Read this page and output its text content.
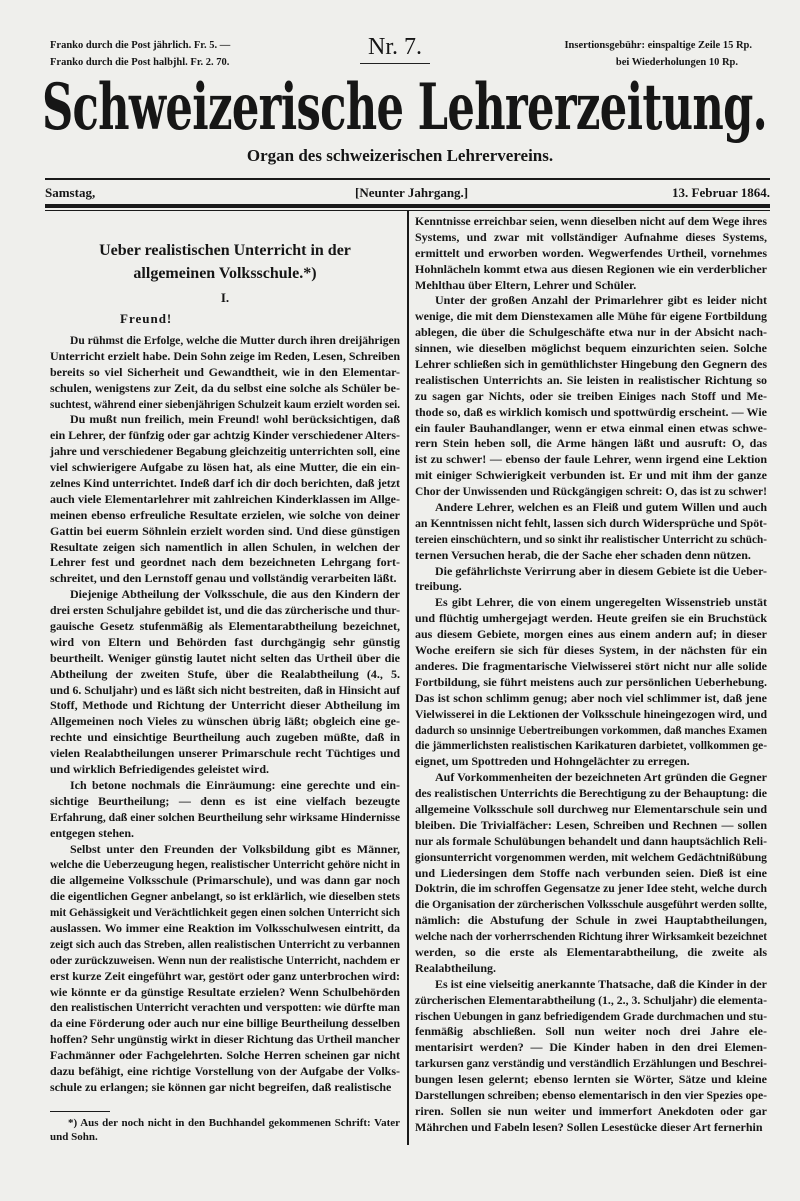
Franko durch die Post jährlich. Fr. 5. —
Franko durch die Post halbjhl. Fr. 2. 70.
Nr. 7.	Insertionsgebühr: einspaltige Zeile 15 Rp.
bei Wiederholungen 10 Rp.
Schweizerische Lehrerzeitung.
Organ des schweizerischen Lehrervereins.
Samstag,	[Neunter Jahrgang.]	13. Februar 1864.
Ueber realistischen Unterricht in der
allgemeinen Volksschule.*)
I.
Freund!
Du rühmst die Erfolge, welche die Mutter durch ihren dreijährigen
Unterricht erzielt habe. Dein Sohn zeige im Reden, Lesen, Schreiben
bereits so viel Sicherheit und Gewandtheit, wie in den Elementar-
schulen, wenigstens zur Zeit, da du selbst eine solche als Schüler be-
suchtest, während einer siebenjährigen Schulzeit kaum erzielt worden sei.
Du mußt nun freilich, mein Freund! wohl berücksichtigen, daß
ein Lehrer, der fünfzig oder gar achtzig Kinder verschiedener Alters-
jahre und verschiedener Begabung gleichzeitig unterrichten soll, eine
viel schwierigere Aufgabe zu lösen hat, als eine Mutter, die ein ein-
zelnes Kind unterrichtet. Indeß darf ich dir doch berichten, daß jetzt
auch viele Elementarlehrer mit zahlreichen Kinderklassen im Allge-
meinen ebenso erfreuliche Resultate erzielen, wie solche von deiner
Gattin bei euerm Söhnlein erzielt worden sind. Und diese günstigen
Resultate zeigen sich namentlich in allen Schulen, in welchen der
Lehrer fest und geordnet nach dem bezeichneten Lehrgang fort-
schreitet, und den Lernstoff genau und vollständig verarbeiten läßt.
Diejenige Abtheilung der Volksschule, die aus den Kindern der
drei ersten Schuljahre gebildet ist, und die das zürcherische und thur-
gauische Gesetz stufenmäßig als Elementarabtheilung bezeichnet,
wird von Eltern und Behörden fast durchgängig sehr günstig
beurtheilt. Weniger günstig lautet nicht selten das Urtheil über die
Abtheilung der zweiten Stufe, über die Realabtheilung (4., 5.
und 6. Schuljahr) und es läßt sich nicht bestreiten, daß in Hinsicht auf
Stoff, Methode und Richtung der Unterricht dieser Abtheilung im
Allgemeinen noch Vieles zu wünschen übrig läßt; obgleich eine ge-
rechte und einsichtige Beurtheilung auch zugeben müßte, daß in
vielen Realabtheilungen unserer Primarschule recht Tüchtiges und
und wirklich Befriedigendes geleistet wird.
Ich betone nochmals die Einräumung: eine gerechte und ein-
sichtige Beurtheilung; — denn es ist eine vielfach bezeugte
Erfahrung, daß einer solchen Beurtheilung sehr wirksame Hindernisse
entgegen stehen.
Selbst unter den Freunden der Volksbildung gibt es Männer,
welche die Ueberzeugung hegen, realistischer Unterricht gehöre nicht in
die allgemeine Volksschule (Primarschule), und was dann gar noch
die eigentlichen Gegner anbelangt, so ist erklärlich, wie dieselben stets
mit Gehässigkeit und Verächtlichkeit gegen einen solchen Unterricht sich
auslassen. Wo immer eine Reaktion im Volksschulwesen eintritt, da
zeigt sich auch das Streben, allen realistischen Unterricht zu verbannen
oder zurückzuweisen. Wenn nun der realistische Unterricht, nachdem er
erst kurze Zeit eingeführt war, gestört oder ganz unterbrochen wird:
wie könnte er da günstige Resultate erzielen? Wenn Schulbehörden
den realistischen Unterricht verachten und verspotten: wie dürfte man
da eine Förderung oder auch nur eine billige Beurtheilung desselben
hoffen? Sehr ungünstig wirkt in dieser Richtung das Urtheil mancher
Fachmänner oder Fachgelehrten. Solche Herren scheinen gar nicht
dazu befähigt, eine richtige Vorstellung von der Aufgabe der Volks-
schule zu erlangen; sie können gar nicht begreifen, daß realistische
*) Aus der noch nicht in den Buchhandel gekommenen Schrift: Vater
und Sohn.
Kenntnisse erreichbar seien, wenn dieselben nicht auf dem Wege ihres
Systems, und zwar mit vollständiger Aufnahme dieses Systems,
ermittelt und erworben worden. Wegwerfendes Urtheil, vornehmes
Hohnlächeln kommt etwa aus diesen Regionen wie ein verderblicher
Mehlthau über Eltern, Lehrer und Schüler.
Unter der großen Anzahl der Primarlehrer gibt es leider nicht
wenige, die mit dem Dienstexamen alle Mühe für eigene Fortbildung
ablegen, die über die Schulgeschäfte etwa nur in der Absicht nach-
sinnen, wie dieselben möglichst bequem einzurichten seien. Solche
Lehrer schließen sich in gemüthlichster Hingebung den Gegnern des
realistischen Unterrichts an. Sie leisten in realistischer Richtung so
zu sagen gar Nichts, oder sie treiben Einiges nach Stoff und Me-
thode so, daß es wirklich komisch und spottwürdig erscheint. — Wie
ein fauler Bauhandlanger, wenn er etwa einmal einen etwas schwe-
rern Stein heben soll, die Arme hängen läßt und ausruft: O, das
ist zu schwer! — ebenso der faule Lehrer, wenn irgend eine Lektion
mit einiger Schwierigkeit verbunden ist. Er und mit ihm der ganze
Chor der Unwissenden und Rückgängigen schreit: O, das ist zu schwer!
Andere Lehrer, welchen es an Fleiß und gutem Willen und auch
an Kenntnissen nicht fehlt, lassen sich durch Widersprüche und Spöt-
tereien einschüchtern, und so sinkt ihr realistischer Unterricht zu schüch-
ternen Versuchen herab, die der Sache eher schaden denn nützen.
Die gefährlichste Verirrung aber in diesem Gebiete ist die Ueber-
treibung.
Es gibt Lehrer, die von einem ungeregelten Wissenstrieb unstät
und flüchtig umhergejagt werden. Heute greifen sie ein Bruchstück
aus diesem Gebiete, morgen eines aus einem andern auf; in dieser
Woche ereifern sie sich für dieses System, in der nächsten für ein
anderes. Die fragmentarische Vielwisserei stört nicht nur alle solide
Fortbildung, sie führt meistens auch zur persönlichen Ueberhebung.
Das ist schon schlimm genug; aber noch viel schlimmer ist, daß jene
Vielwisserei in die Lektionen der Volksschule hineingezogen wird, und
dadurch so unsinnige Uebertreibungen vorkommen, daß manches Examen
die jämmerlichsten realistischen Karikaturen darbietet, vollkommen ge-
eignet, um Spottreden und Hohngelächter zu erregen.
Auf Vorkommenheiten der bezeichneten Art gründen die Gegner
des realistischen Unterrichts die Berechtigung zu der Behauptung: die
allgemeine Volksschule soll durchweg nur Elementarschule sein und
bleiben. Die Trivialfächer: Lesen, Schreiben und Rechnen — sollen
nur als formale Schulübungen behandelt und dann hauptsächlich Reli-
gionsunterricht vorgenommen werden, mit welchem Gedächtnißübung
und Liedersingen dem Stoffe nach verbunden seien. Dieß ist eine
Doktrin, die im schroffen Gegensatze zu jener Idee steht, welche durch
die Organisation der zürcherischen Volksschule ausgeführt werden sollte,
nämlich: die Abstufung der Schule in zwei Hauptabtheilungen,
welche nach der vorherrschenden Richtung ihrer Wirksamkeit bezeichnet
werden, so die erste als Elementarabtheilung, die zweite als
Realabtheilung.
Es ist eine vielseitig anerkannte Thatsache, daß die Kinder in der
zürcherischen Elementarabtheilung (1., 2., 3. Schuljahr) die elementa-
rischen Uebungen in ganz befriedigendem Grade durchmachen und stu-
fenmäßig abschließen. Soll nun weiter noch drei Jahre ele-
mentarisirt werden? — Die Kinder haben in den drei Elemen-
tarkursen ganz verständig und verständlich Erzählungen und Beschrei-
bungen lesen gelernt; ebenso lernten sie Wörter, Sätze und kleine
Darstellungen schreiben; ebenso elementarisch in den vier Spezies ope-
riren. Sollen sie nun weiter und immerfort Anekdoten oder gar
Mährchen und Fabeln lesen? Sollen Lesestücke dieser Art fernerhin
